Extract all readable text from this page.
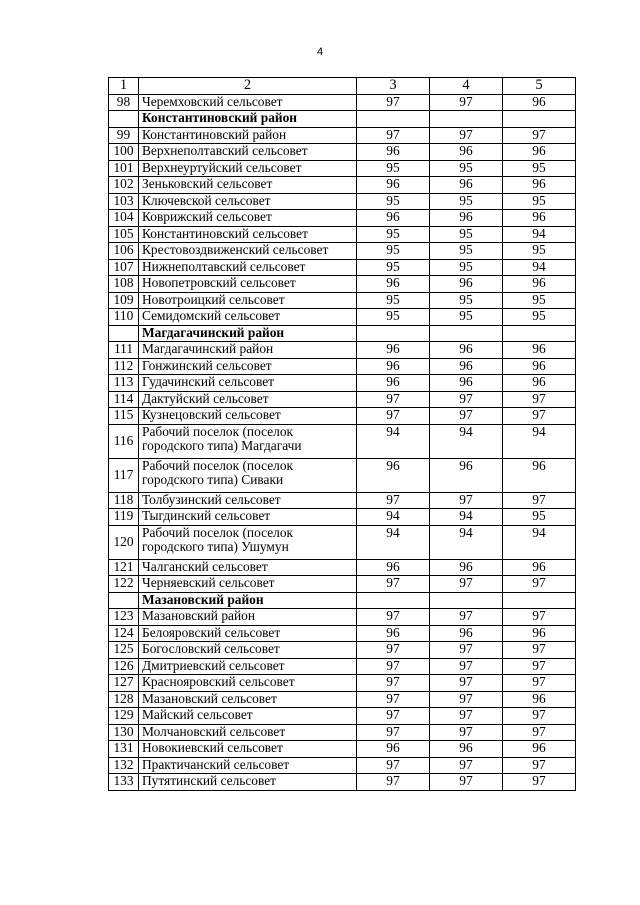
4
1	2	3	4	5
98	Черемховский сельсовет	97	97	96
	Константиновский район			
99	Константиновский район	97	97	97
100	Верхнеполтавский сельсовет	96	96	96
101	Верхнеуртуйский сельсовет	95	95	95
102	Зеньковский сельсовет	96	96	96
103	Ключевской сельсовет	95	95	95
104	Коврижский сельсовет	96	96	96
105	Константиновский сельсовет	95	95	94
106	Крестовоздвиженский сельсовет	95	95	95
107	Нижнеполтавский сельсовет	95	95	94
108	Новопетровский сельсовет	96	96	96
109	Новотроицкий сельсовет	95	95	95
110	Семидомский сельсовет	95	95	95
	Магдагачинский район			
111	Магдагачинский район	96	96	96
112	Гонжинский сельсовет	96	96	96
113	Гудачинский сельсовет	96	96	96
114	Дактуйский сельсовет	97	97	97
115	Кузнецовский сельсовет	97	97	97
116	Рабочий поселок (поселок городского типа) Магдагачи	94	94	94
117	Рабочий поселок (поселок городского типа) Сиваки	96	96	96
118	Толбузинский сельсовет	97	97	97
119	Тыгдинский сельсовет	94	94	95
120	Рабочий поселок (поселок городского типа) Ушумун	94	94	94
121	Чалганский сельсовет	96	96	96
122	Черняевский сельсовет	97	97	97
	Мазановский район			
123	Мазановский район	97	97	97
124	Белояровский сельсовет	96	96	96
125	Богословский сельсовет	97	97	97
126	Дмитриевский сельсовет	97	97	97
127	Краснояровский сельсовет	97	97	97
128	Мазановский сельсовет	97	97	96
129	Майский сельсовет	97	97	97
130	Молчановский сельсовет	97	97	97
131	Новокиевский сельсовет	96	96	96
132	Практичанский сельсовет	97	97	97
133	Путятинский сельсовет	97	97	97
